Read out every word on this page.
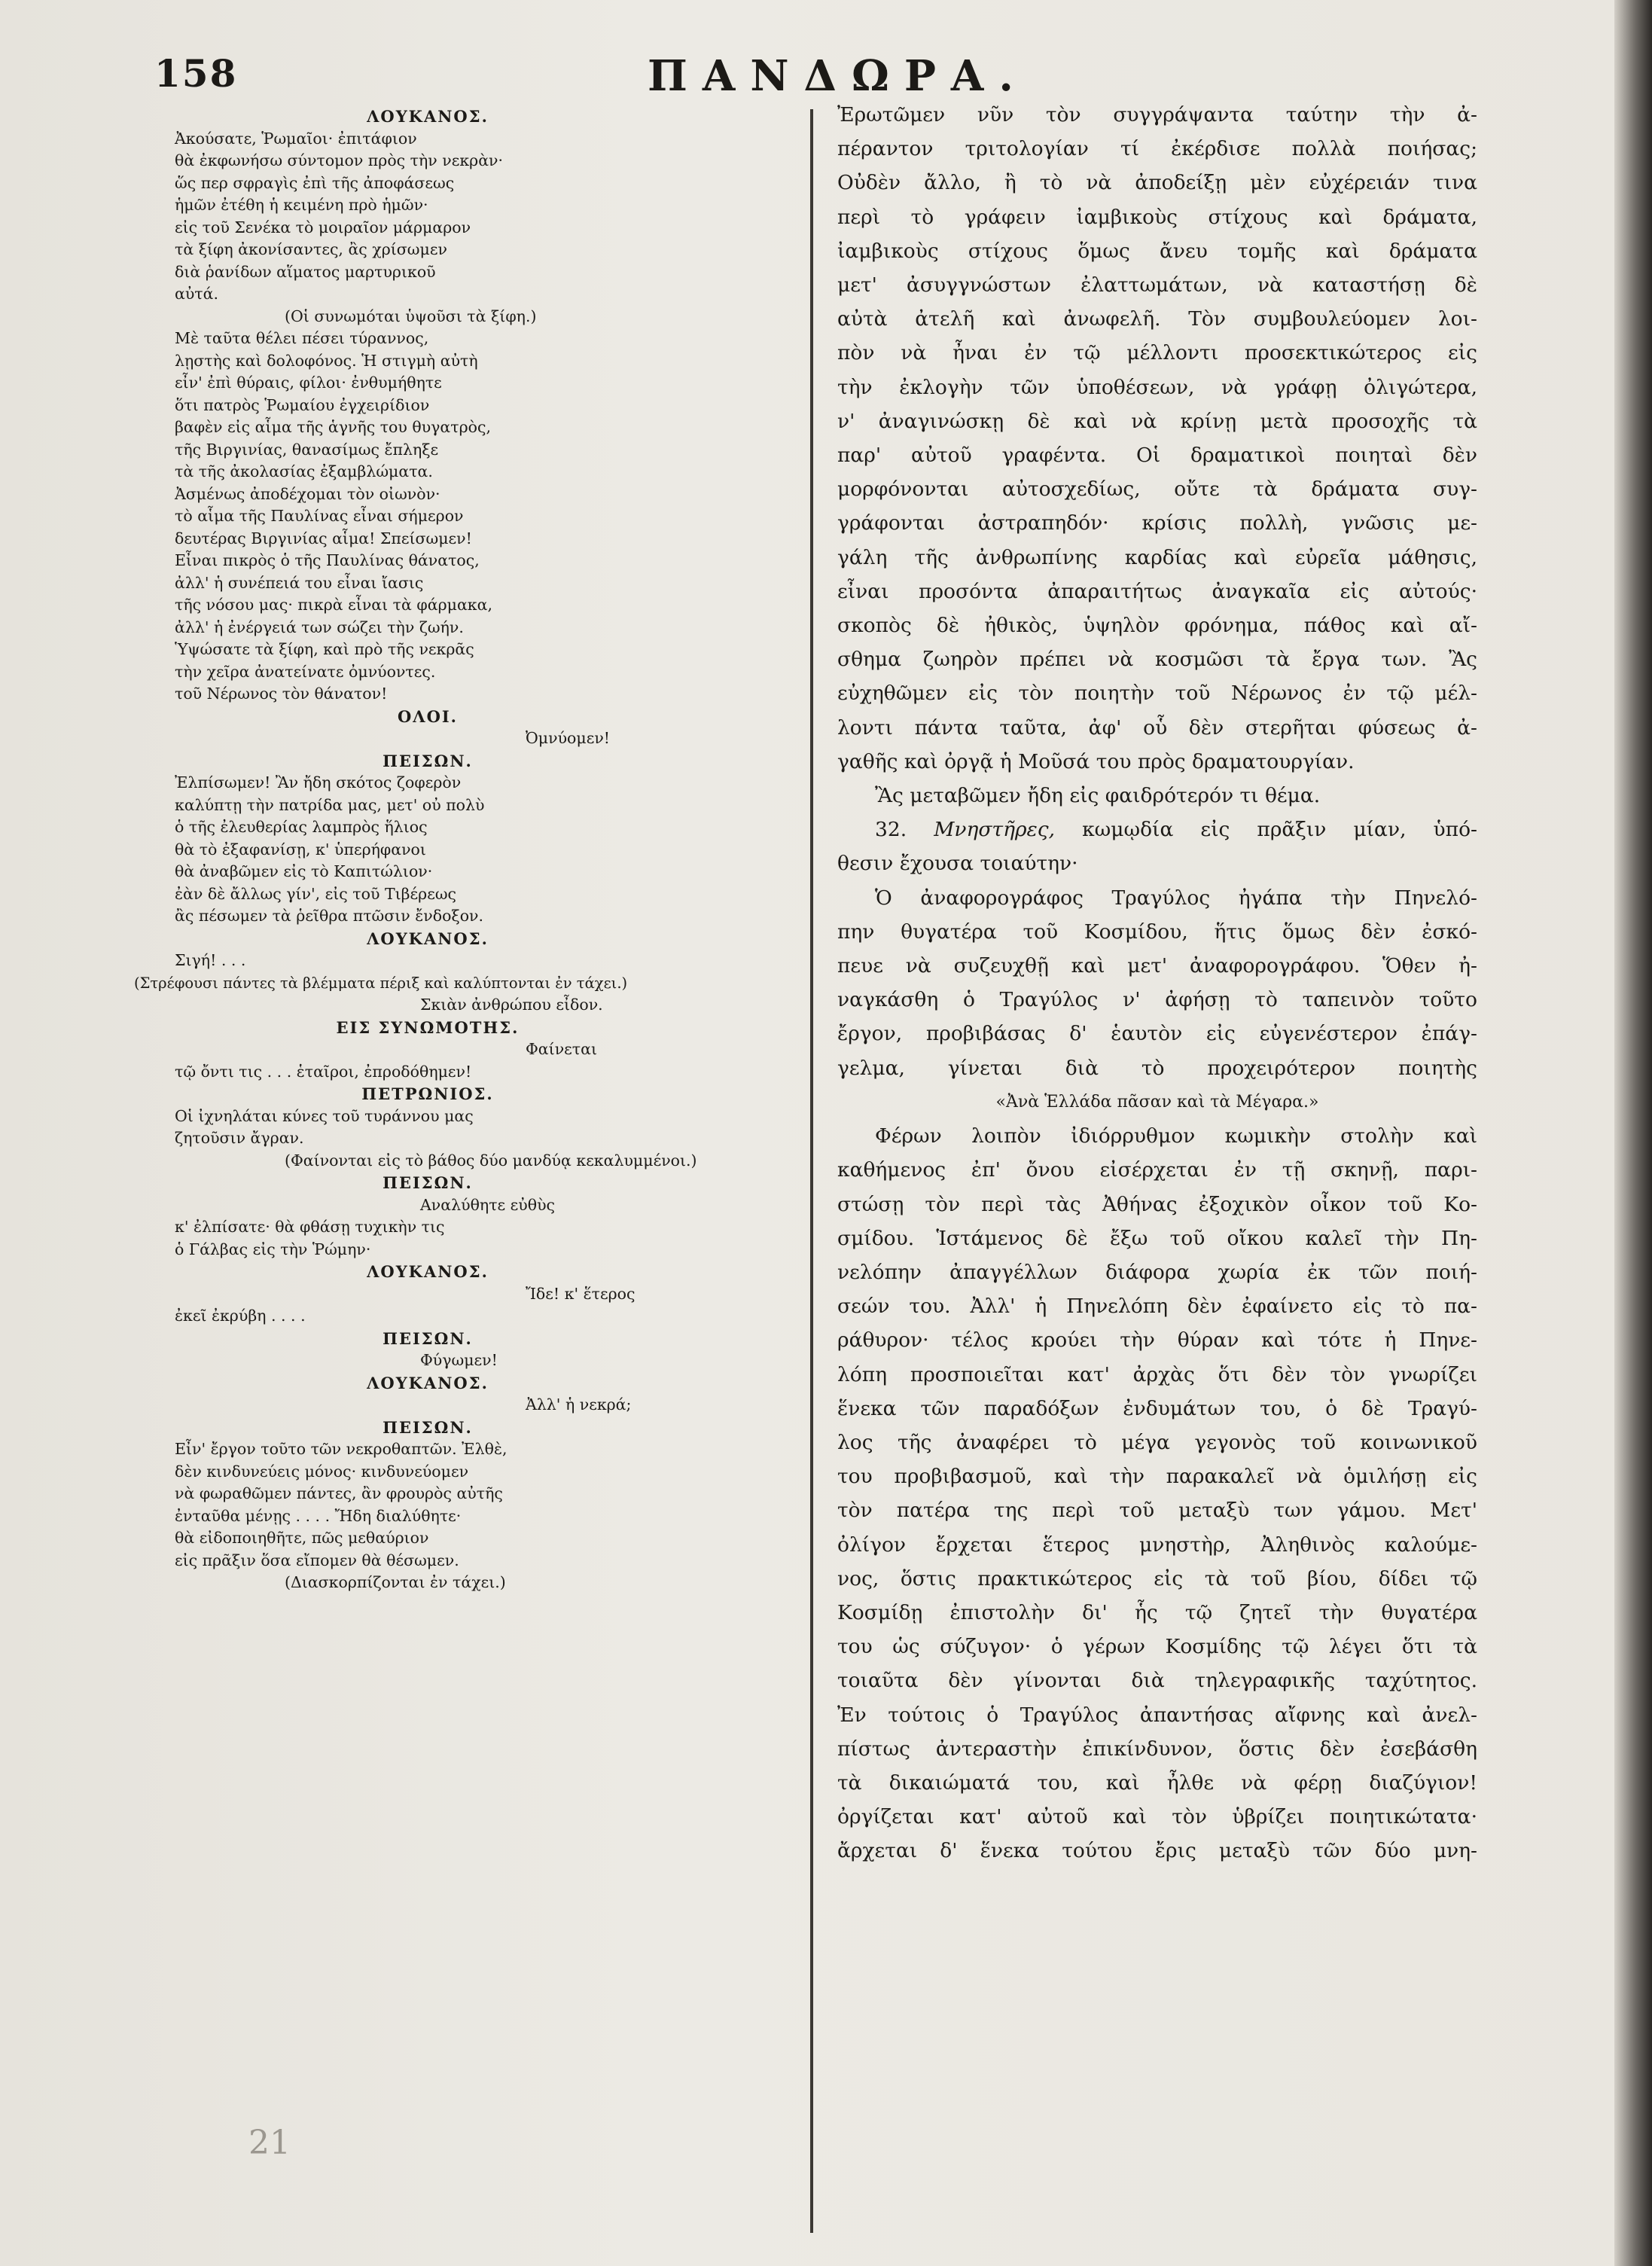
158	ΠΑΝΔΩΡΑ.
ΛΟΥΚΑΝΟΣ.
Ἀκούσατε, Ῥωμαῖοι· ἐπιτάφιον
θὰ ἐκφωνήσω σύντομον πρὸς τὴν νεκρὰν·
ὥς περ σφραγὶς ἐπὶ τῆς ἀποφάσεως
ἡμῶν ἐτέθη ἡ κειμένη πρὸ ἡμῶν·
εἰς τοῦ Σενέκα τὸ μοιραῖον μάρμαρον
τὰ ξίφη ἀκονίσαντες, ἂς χρίσωμεν
διὰ ῥανίδων αἵματος μαρτυρικοῦ
αὐτά.
(Οἱ συνωμόται ὑψοῦσι τὰ ξίφη.)
Μὲ ταῦτα θέλει πέσει τύραννος,
λῃστὴς καὶ δολοφόνος. Ἡ στιγμὴ αὐτὴ
εἶν' ἐπὶ θύραις, φίλοι· ἐνθυμήθητε
ὅτι πατρὸς Ῥωμαίου ἐγχειρίδιον
βαφὲν εἰς αἷμα τῆς ἁγνῆς του θυγατρὸς,
τῆς Βιργινίας, θανασίμως ἔπληξε
τὰ τῆς ἀκολασίας ἐξαμβλώματα.
Ἀσμένως ἀποδέχομαι τὸν οἰωνὸν·
τὸ αἷμα τῆς Παυλίνας εἶναι σήμερον
δευτέρας Βιργινίας αἷμα! Σπείσωμεν!
Εἶναι πικρὸς ὁ τῆς Παυλίνας θάνατος,
ἀλλ' ἡ συνέπειά του εἶναι ἴασις
τῆς νόσου μας· πικρὰ εἶναι τὰ φάρμακα,
ἀλλ' ἡ ἐνέργειά των σώζει τὴν ζωήν.
Ὑψώσατε τὰ ξίφη, καὶ πρὸ τῆς νεκρᾶς
τὴν χεῖρα ἀνατείνατε ὀμνύοντες.
τοῦ Νέρωνος τὸν θάνατον!
ΟΛΟΙ.
Ὀμνύομεν!
ΠΕΙΣΩΝ.
Ἐλπίσωμεν! Ἂν ἤδη σκότος ζοφερὸν
καλύπτῃ τὴν πατρίδα μας, μετ' οὐ πολὺ
ὁ τῆς ἐλευθερίας λαμπρὸς ἥλιος
θὰ τὸ ἐξαφανίσῃ, κ' ὑπερήφανοι
θὰ ἀναβῶμεν εἰς τὸ Καπιτώλιον·
ἐὰν δὲ ἄλλως γίν', εἰς τοῦ Τιβέρεως
ἂς πέσωμεν τὰ ῥεῖθρα πτῶσιν ἔνδοξον.
ΛΟΥΚΑΝΟΣ.
Σιγή! . . .
(Στρέφουσι πάντες τὰ βλέμματα πέριξ καὶ καλύπτονται ἐν τάχει.)
Σκιὰν ἀνθρώπου εἶδον.
ΕΙΣ ΣΥΝΩΜΟΤΗΣ.
Φαίνεται
τῷ ὄντι τις . . . ἑταῖροι, ἐπροδόθημεν!
ΠΕΤΡΩΝΙΟΣ.
Οἱ ἰχνηλάται κύνες τοῦ τυράννου μας
ζητοῦσιν ἄγραν.
(Φαίνονται εἰς τὸ βάθος δύο μανδύᾳ κεκαλυμμένοι.)
ΠΕΙΣΩΝ.
Αναλύθητε εὐθὺς
κ' ἐλπίσατε· θὰ φθάσῃ τυχικὴν τις
ὁ Γάλβας εἰς τὴν Ῥώμην·
ΛΟΥΚΑΝΟΣ.
Ἴδε! κ' ἕτερος
ἐκεῖ ἐκρύβη . . . .
ΠΕΙΣΩΝ.
Φύγωμεν!
ΛΟΥΚΑΝΟΣ.
Ἀλλ' ἡ νεκρά;
ΠΕΙΣΩΝ.
Εἶν' ἔργον τοῦτο τῶν νεκροθαπτῶν. Ἐλθὲ,
δὲν κινδυνεύεις μόνος· κινδυνεύομεν
νὰ φωραθῶμεν πάντες, ἂν φρουρὸς αὐτῆς
ἐνταῦθα μένῃς . . . . Ἤδη διαλύθητε·
θὰ εἰδοποιηθῆτε, πῶς μεθαύριον
εἰς πρᾶξιν ὅσα εἴπομεν θὰ θέσωμεν.
(Διασκορπίζονται ἐν τάχει.)
Ἐρωτῶμεν νῦν τὸν συγγράψαντα ταύτην τὴν ἀ-
πέραντον τριτολογίαν τί ἐκέρδισε πολλὰ ποιήσας;
Οὐδὲν ἄλλο, ἢ τὸ νὰ ἀποδείξῃ μὲν εὐχέρειάν τινα
περὶ τὸ γράφειν ἰαμβικοὺς στίχους καὶ δράματα,
ἰαμβικοὺς στίχους ὅμως ἄνευ τομῆς καὶ δράματα
μετ' ἀσυγγνώστων ἐλαττωμάτων, νὰ καταστήσῃ δὲ
αὐτὰ ἀτελῆ καὶ ἀνωφελῆ. Τὸν συμβουλεύομεν λοι-
πὸν νὰ ἦναι ἐν τῷ μέλλοντι προσεκτικώτερος εἰς
τὴν ἐκλογὴν τῶν ὑποθέσεων, νὰ γράφῃ ὀλιγώτερα,
ν' ἀναγινώσκῃ δὲ καὶ νὰ κρίνῃ μετὰ προσοχῆς τὰ
παρ' αὐτοῦ γραφέντα. Οἱ δραματικοὶ ποιηταὶ δὲν
μορφόνονται αὐτοσχεδίως, οὔτε τὰ δράματα συγ-
γράφονται ἀστραπηδόν· κρίσις πολλὴ, γνῶσις με-
γάλη τῆς ἀνθρωπίνης καρδίας καὶ εὐρεῖα μάθησις,
εἶναι προσόντα ἀπαραιτήτως ἀναγκαῖα εἰς αὐτούς·
σκοπὸς δὲ ἠθικὸς, ὑψηλὸν φρόνημα, πάθος καὶ αἴ-
σθημα ζωηρὸν πρέπει νὰ κοσμῶσι τὰ ἔργα των. Ἂς
εὐχηθῶμεν εἰς τὸν ποιητὴν τοῦ Νέρωνος ἐν τῷ μέλ-
λοντι πάντα ταῦτα, ἀφ' οὗ δὲν στερῆται φύσεως ἀ-
γαθῆς καὶ ὀργᾷ ἡ Μοῦσά του πρὸς δραματουργίαν.
Ἂς μεταβῶμεν ἤδη εἰς φαιδρότερόν τι θέμα.
32. Μνηστῆρες, κωμῳδία εἰς πρᾶξιν μίαν, ὑπό-
θεσιν ἔχουσα τοιαύτην·
Ὁ ἀναφορογράφος Τραγύλος ἠγάπα τὴν Πηνελό-
πην θυγατέρα τοῦ Κοσμίδου, ἥτις ὅμως δὲν ἐσκό-
πευε νὰ συζευχθῇ καὶ μετ' ἀναφορογράφου. Ὅθεν ἠ-
ναγκάσθη ὁ Τραγύλος ν' ἀφήσῃ τὸ ταπεινὸν τοῦτο
ἔργον, προβιβάσας δ' ἑαυτὸν εἰς εὐγενέστερον ἐπάγ-
γελμα, γίνεται διὰ τὸ προχειρότερον ποιητὴς
«Ἀνὰ Ἑλλάδα πᾶσαν καὶ τὰ Μέγαρα.»
Φέρων λοιπὸν ἰδιόρρυθμον κωμικὴν στολὴν καὶ
καθήμενος ἐπ' ὄνου εἰσέρχεται ἐν τῇ σκηνῇ, παρι-
στώσῃ τὸν περὶ τὰς Ἀθήνας ἐξοχικὸν οἶκον τοῦ Κο-
σμίδου. Ἱστάμενος δὲ ἔξω τοῦ οἴκου καλεῖ τὴν Πη-
νελόπην ἀπαγγέλλων διάφορα χωρία ἐκ τῶν ποιή-
σεών του. Ἀλλ' ἡ Πηνελόπη δὲν ἐφαίνετο εἰς τὸ πα-
ράθυρον· τέλος κρούει τὴν θύραν καὶ τότε ἡ Πηνε-
λόπη προσποιεῖται κατ' ἀρχὰς ὅτι δὲν τὸν γνωρίζει
ἕνεκα τῶν παραδόξων ἐνδυμάτων του, ὁ δὲ Τραγύ-
λος τῆς ἀναφέρει τὸ μέγα γεγονὸς τοῦ κοινωνικοῦ
του προβιβασμοῦ, καὶ τὴν παρακαλεῖ νὰ ὁμιλήσῃ εἰς
τὸν πατέρα της περὶ τοῦ μεταξὺ των γάμου. Μετ'
ὀλίγον ἔρχεται ἕτερος μνηστὴρ, Ἀληθινὸς καλούμε-
νος, ὅστις πρακτικώτερος εἰς τὰ τοῦ βίου, δίδει τῷ
Κοσμίδῃ ἐπιστολὴν δι' ἧς τῷ ζητεῖ τὴν θυγατέρα
του ὡς σύζυγον· ὁ γέρων Κοσμίδης τῷ λέγει ὅτι τὰ
τοιαῦτα δὲν γίνονται διὰ τηλεγραφικῆς ταχύτητος.
Ἐν τούτοις ὁ Τραγύλος ἀπαντήσας αἴφνης καὶ ἀνελ-
πίστως ἀντεραστὴν ἐπικίνδυνον, ὅστις δὲν ἐσεβάσθη
τὰ δικαιώματά του, καὶ ἦλθε νὰ φέρῃ διαζύγιον!
ὀργίζεται κατ' αὐτοῦ καὶ τὸν ὑβρίζει ποιητικώτατα·
ἄρχεται δ' ἕνεκα τούτου ἔρις μεταξὺ τῶν δύο μνη-
21
